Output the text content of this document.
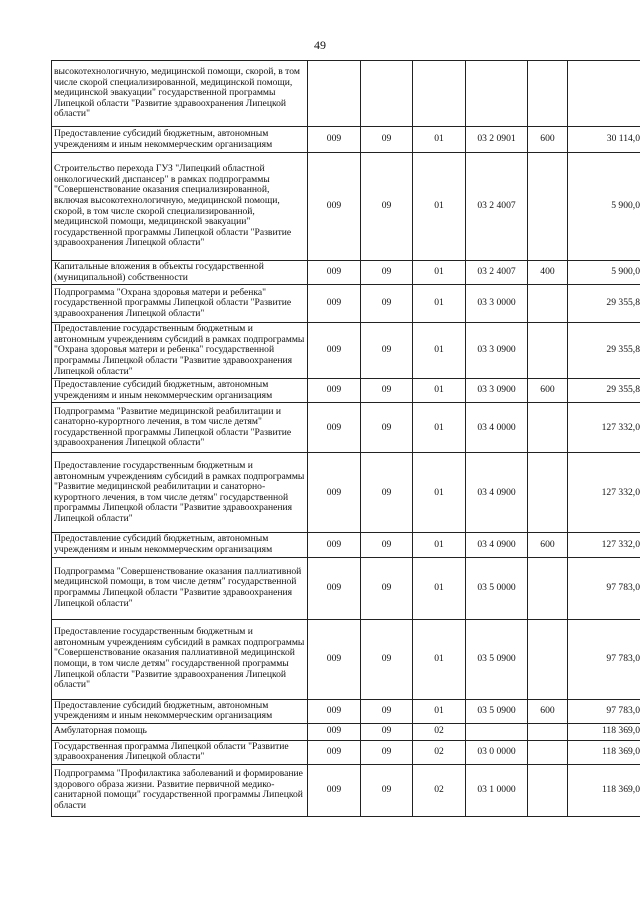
49
высокотехнологичную, медицинской помощи, скорой, в том числе скорой специализированной, медицинской помощи, медицинской эвакуации" государственной программы Липецкой области "Развитие здравоохранения Липецкой области"						
Предоставление субсидий бюджетным, автономным учреждениям и иным некоммерческим организациям	009	09	01	03 2 0901	600	30 114,0
Строительство перехода ГУЗ "Липецкий областной онкологический диспансер" в рамках подпрограммы "Совершенствование оказания специализированной, включая высокотехнологичную, медицинской помощи, скорой, в том числе скорой специализированной, медицинской помощи, медицинской эвакуации" государственной программы Липецкой области "Развитие здравоохранения Липецкой области"	009	09	01	03 2 4007		5 900,0
Капитальные вложения в объекты государственной (муниципальной) собственности	009	09	01	03 2 4007	400	5 900,0
Подпрограмма "Охрана здоровья матери и ребенка" государственной программы Липецкой области "Развитие здравоохранения Липецкой области"	009	09	01	03 3 0000		29 355,8
Предоставление государственным бюджетным и автономным учреждениям субсидий в рамках подпрограммы "Охрана здоровья матери и ребенка" государственной программы Липецкой области "Развитие здравоохранения Липецкой области"	009	09	01	03 3 0900		29 355,8
Предоставление субсидий бюджетным, автономным учреждениям и иным некоммерческим организациям	009	09	01	03 3 0900	600	29 355,8
Подпрограмма "Развитие медицинской реабилитации и санаторно-курортного лечения, в том числе детям" государственной программы Липецкой области "Развитие здравоохранения Липецкой области"	009	09	01	03 4 0000		127 332,0
Предоставление государственным бюджетным и автономным учреждениям субсидий в рамках подпрограммы "Развитие медицинской реабилитации и санаторно-курортного лечения, в том числе детям" государственной программы Липецкой области "Развитие здравоохранения Липецкой области"	009	09	01	03 4 0900		127 332,0
Предоставление субсидий бюджетным, автономным учреждениям и иным некоммерческим организациям	009	09	01	03 4 0900	600	127 332,0
Подпрограмма "Совершенствование оказания паллиативной медицинской помощи, в том числе детям" государственной программы Липецкой области "Развитие здравоохранения Липецкой области"	009	09	01	03 5 0000		97 783,0
Предоставление государственным бюджетным и автономным учреждениям субсидий в рамках подпрограммы "Совершенствование оказания паллиативной медицинской помощи, в том числе детям" государственной программы Липецкой области "Развитие здравоохранения Липецкой области"	009	09	01	03 5 0900		97 783,0
Предоставление субсидий бюджетным, автономным учреждениям и иным некоммерческим организациям	009	09	01	03 5 0900	600	97 783,0
Амбулаторная помощь	009	09	02			118 369,0
Государственная программа Липецкой области "Развитие здравоохранения Липецкой области"	009	09	02	03 0 0000		118 369,0
Подпрограмма "Профилактика заболеваний и формирование здорового образа жизни. Развитие первичной медико-санитарной помощи" государственной программы Липецкой области	009	09	02	03 1 0000		118 369,0
